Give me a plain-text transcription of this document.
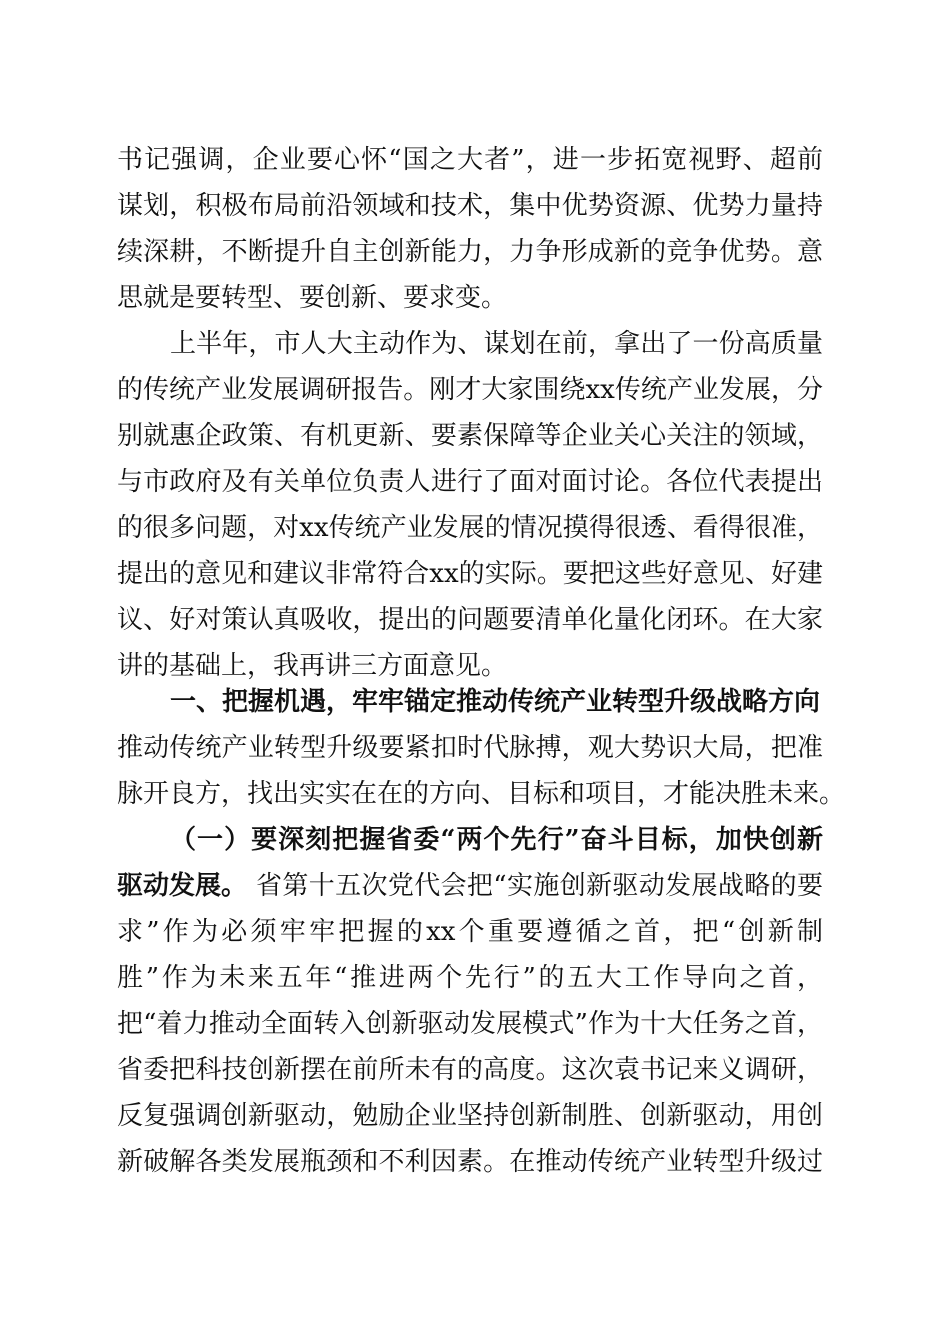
书记强调，企业要心怀“国之大者”，进一步拓宽视野、超前
谋划，积极布局前沿领域和技术，集中优势资源、优势力量持
续深耕，不断提升自主创新能力，力争形成新的竞争优势。意
思就是要转型、要创新、要求变。
上半年，市人大主动作为、谋划在前，拿出了一份高质量
的传统产业发展调研报告。刚才大家围绕xx传统产业发展，分
别就惠企政策、有机更新、要素保障等企业关心关注的领域，
与市政府及有关单位负责人进行了面对面讨论。各位代表提出
的很多问题，对xx传统产业发展的情况摸得很透、看得很准，
提出的意见和建议非常符合xx的实际。要把这些好意见、好建
议、好对策认真吸收，提出的问题要清单化量化闭环。在大家
讲的基础上，我再讲三方面意见。
一、把握机遇，牢牢锚定推动传统产业转型升级战略方向
推动传统产业转型升级要紧扣时代脉搏，观大势识大局，把准
脉开良方，找出实实在在的方向、目标和项目，才能决胜未来。
（一）要深刻把握省委“两个先行”奋斗目标，加快创新
驱动发展。 省第十五次党代会把“实施创新驱动发展战略的要
求”作为必须牢牢把握的xx个重要遵循之首，把“创新制
胜”作为未来五年“推进两个先行”的五大工作导向之首，
把“着力推动全面转入创新驱动发展模式”作为十大任务之首，
省委把科技创新摆在前所未有的高度。这次袁书记来义调研，
反复强调创新驱动，勉励企业坚持创新制胜、创新驱动，用创
新破解各类发展瓶颈和不利因素。在推动传统产业转型升级过
